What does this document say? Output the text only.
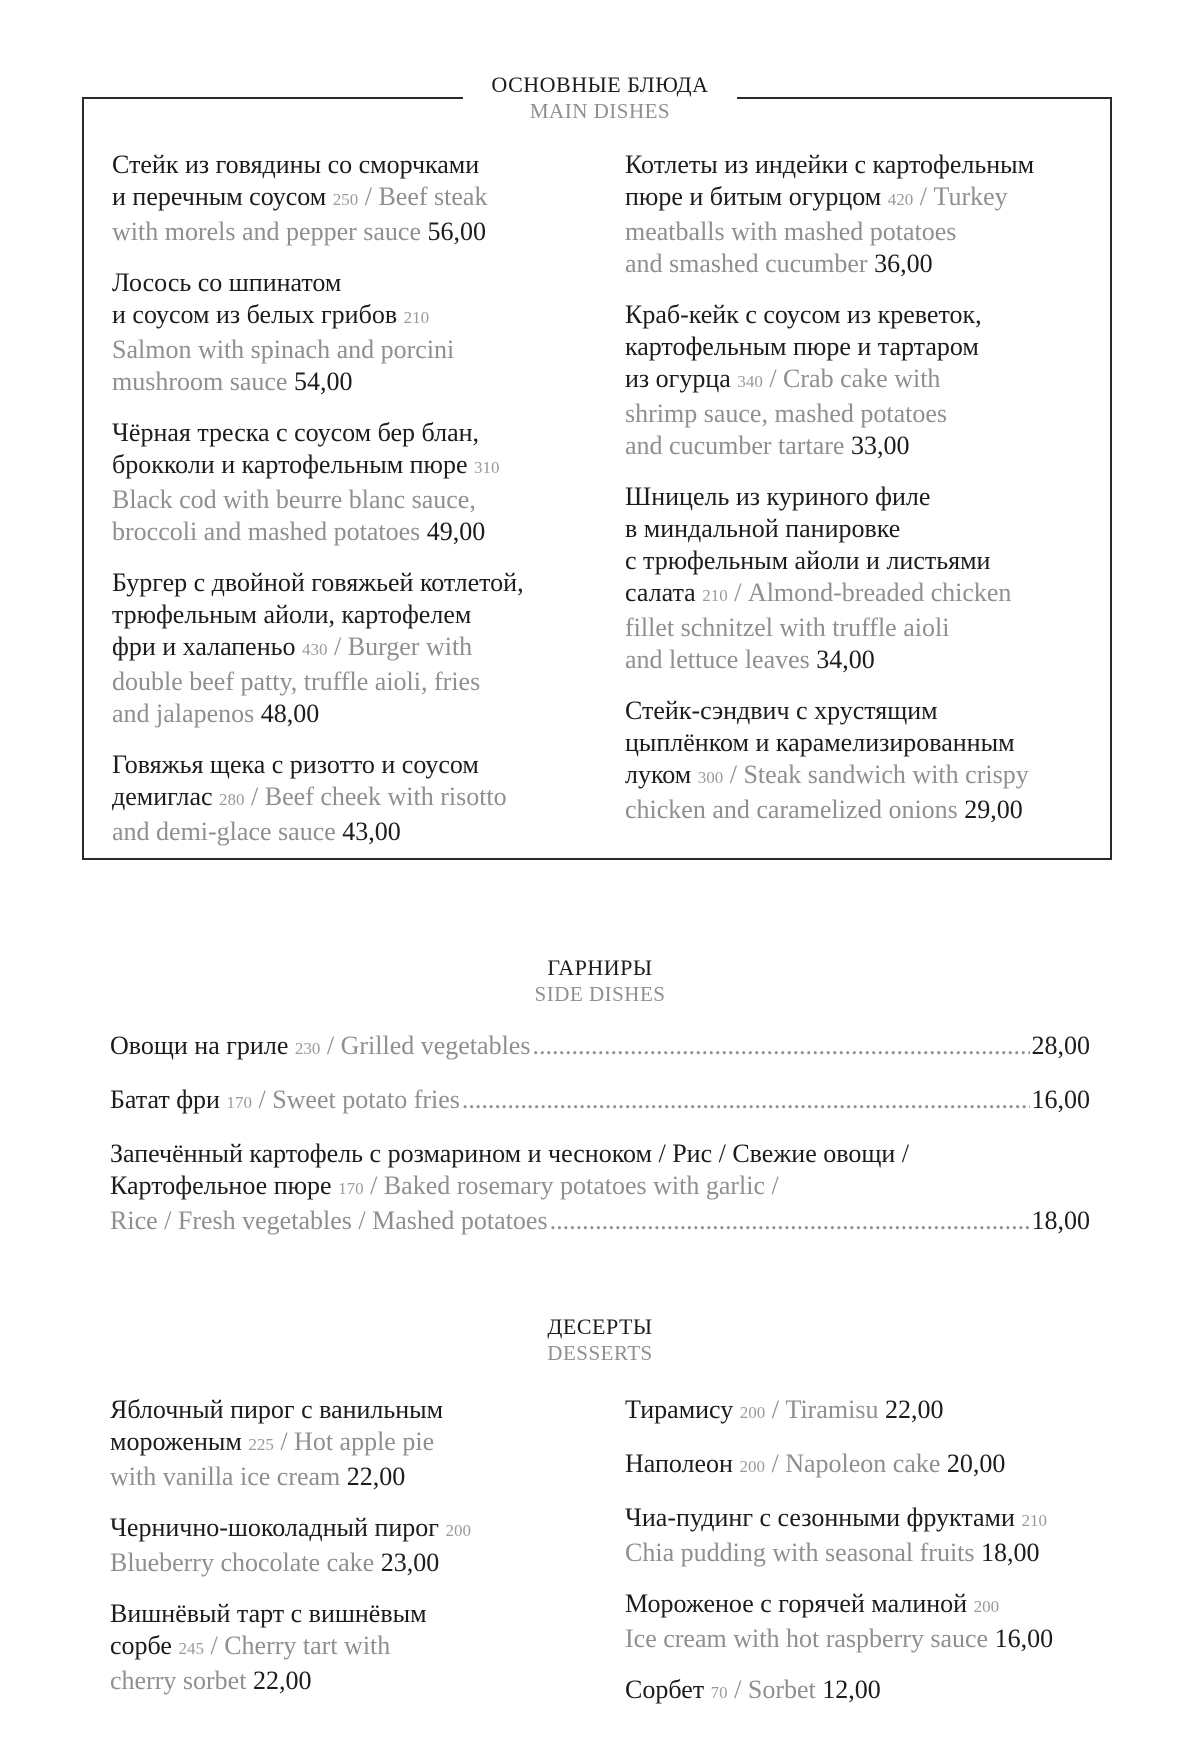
ОСНОВНЫЕ БЛЮДА
MAIN DISHES
Стейк из говядины со сморчками
и перечным соусом 250 / Beef steak
with morels and pepper sauce 56,00
Лосось со шпинатом
и соусом из белых грибов 210
Salmon with spinach and porcini
mushroom sauce 54,00
Чёрная треска с соусом бер блан,
брокколи и картофельным пюре 310
Black cod with beurre blanc sauce,
broccoli and mashed potatoes 49,00
Бургер с двойной говяжьей котлетой,
трюфельным айоли, картофелем
фри и халапеньо 430 / Burger with
double beef patty, truffle aioli, fries
and jalapenos 48,00
Говяжья щека с ризотто и соусом
демиглас 280 / Beef cheek with risotto
and demi-glace sauce 43,00
Котлеты из индейки с картофельным
пюре и битым огурцом 420 / Turkey
meatballs with mashed potatoes
and smashed cucumber 36,00
Краб-кейк с соусом из креветок,
картофельным пюре и тартаром
из огурца 340 / Crab cake with
shrimp sauce, mashed potatoes
and cucumber tartare 33,00
Шницель из куриного филе
в миндальной панировке
с трюфельным айоли и листьями
салата 210 / Almond-breaded chicken
fillet schnitzel with truffle aioli
and lettuce leaves 34,00
Стейк-сэндвич с хрустящим
цыплёнком и карамелизированным
луком 300 / Steak sandwich with crispy
chicken and caramelized onions 29,00
ГАРНИРЫ
SIDE DISHES
Овощи на гриле 230 / Grilled vegetables .....	28,00
Батат фри 170 / Sweet potato fries .....	16,00
Запечённый картофель с розмарином и чесноком / Рис / Свежие овощи /
Картофельное пюре 170 / Baked rosemary potatoes with garlic /
Rice / Fresh vegetables / Mashed potatoes .....	18,00
ДЕСЕРТЫ
DESSERTS
Яблочный пирог с ванильным
мороженым 225 / Hot apple pie
with vanilla ice cream 22,00
Чернично-шоколадный пирог 200
Blueberry chocolate cake 23,00
Вишнёвый тарт с вишнёвым
сорбе 245 / Cherry tart with
cherry sorbet 22,00
Тирамису 200 / Tiramisu 22,00
Наполеон 200 / Napoleon cake 20,00
Чиа-пудинг с сезонными фруктами 210
Chia pudding with seasonal fruits 18,00
Мороженое с горячей малиной 200
Ice cream with hot raspberry sauce 16,00
Сорбет 70 / Sorbet 12,00
